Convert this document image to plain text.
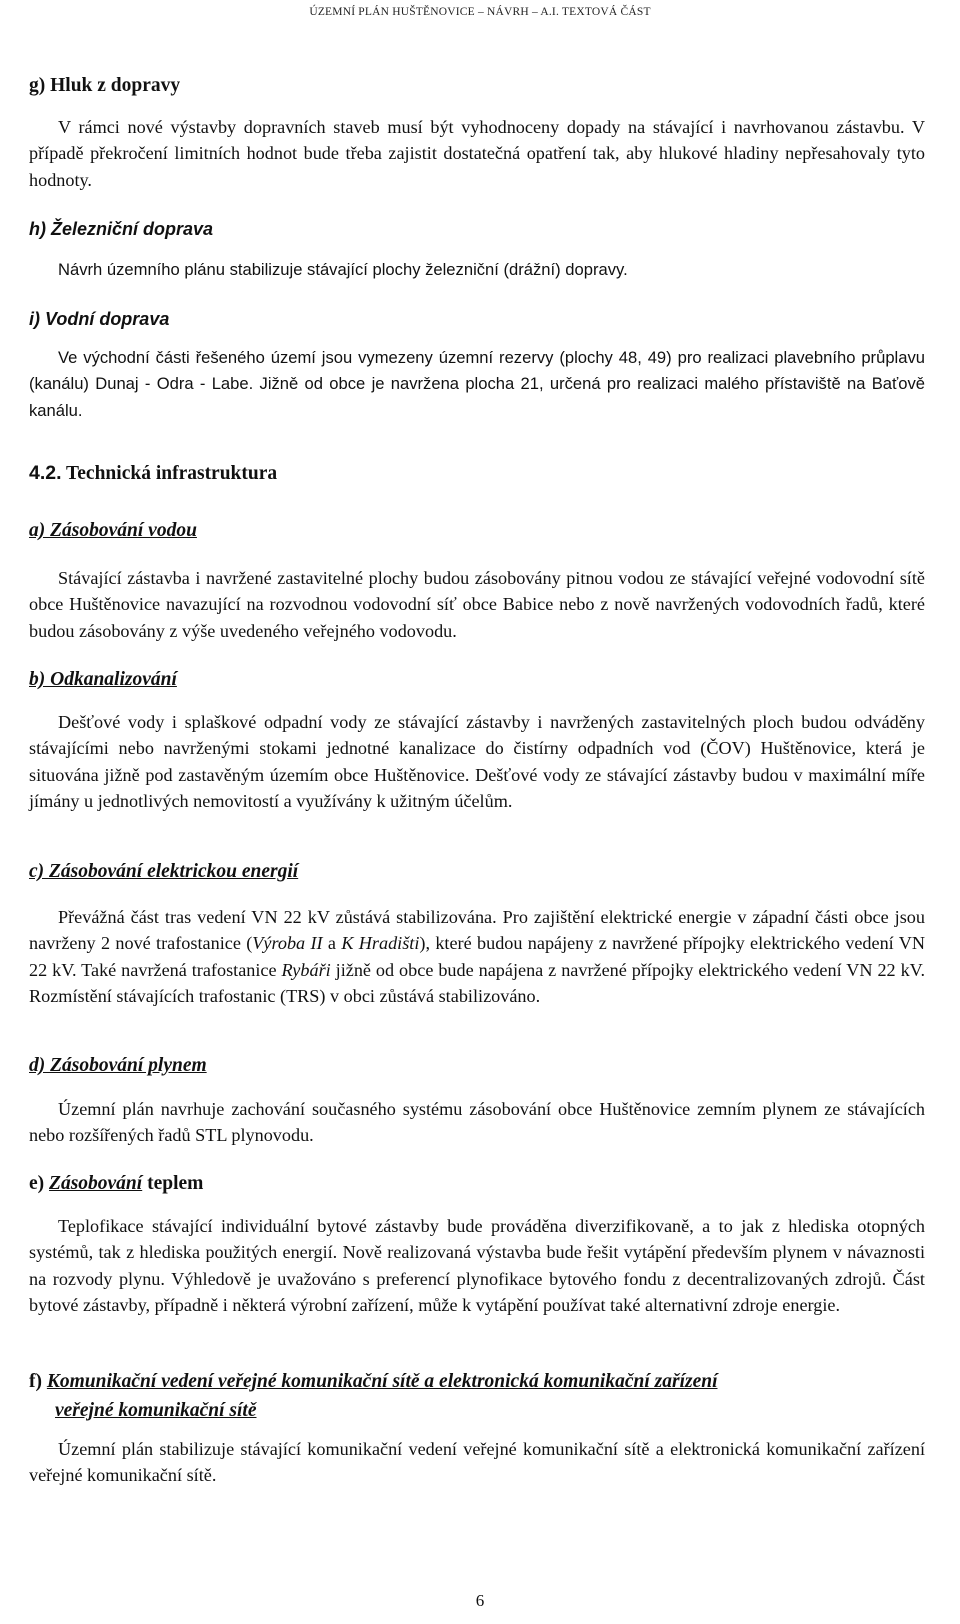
ÚZEMNÍ PLÁN HUŠTĚNOVICE – NÁVRH – A.I. TEXTOVÁ ČÁST
g) Hluk z dopravy

V rámci nové výstavby dopravních staveb musí být vyhodnoceny dopady na stávající i navrhovanou zástavbu. V případě překročení limitních hodnot bude třeba zajistit dostatečná opatření tak, aby hlukové hladiny nepřesahovaly tyto hodnoty.

h) Železniční doprava

Návrh územního plánu stabilizuje stávající plochy železniční (drážní) dopravy.

i) Vodní doprava

Ve východní části řešeného území jsou vymezeny územní rezervy (plochy 48, 49) pro realizaci plavebního průplavu (kanálu) Dunaj - Odra - Labe. Jižně od obce je navržena plocha 21, určená pro realizaci malého přístaviště na Baťově kanálu.

4.2. Technická infrastruktura
a) Zásobování vodou

Stávající zástavba i navržené zastavitelné plochy budou zásobovány pitnou vodou ze stávající veřejné vodovodní sítě obce Huštěnovice navazující na rozvodnou vodovodní síť obce Babice nebo z nově navržených vodovodních řadů, které budou zásobovány z výše uvedeného veřejného vodovodu.

b) Odkanalizování

Dešťové vody i splaškové odpadní vody ze stávající zástavby i navržených zastavitelných ploch budou odváděny stávajícími nebo navrženými stokami jednotné kanalizace do čistírny odpadních vod (ČOV) Huštěnovice, která je situována jižně pod zastavěným územím obce Huštěnovice. Dešťové vody ze stávající zástavby budou v maximální míře jímány u jednotlivých nemovitostí a využívány k užitným účelům.

c) Zásobování elektrickou energií

Převážná část tras vedení VN 22 kV zůstává stabilizována. Pro zajištění elektrické energie v západní části obce jsou navrženy 2 nové trafostanice (Výroba II a K Hradišti), které budou napájeny z navržené přípojky elektrického vedení VN 22 kV. Také navržená trafostanice Rybáři jižně od obce bude napájena z navržené přípojky elektrického vedení VN 22 kV. Rozmístění stávajících trafostanic (TRS) v obci zůstává stabilizováno.

d) Zásobování plynem

Územní plán navrhuje zachování současného systému zásobování obce Huštěnovice zemním plynem ze stávajících nebo rozšířených řadů STL plynovodu.

e) Zásobování teplem

Teplofikace stávající individuální bytové zástavby bude prováděna diverzifikovaně, a to jak z hlediska otopných systémů, tak z hlediska použitých energií. Nově realizovaná výstavba bude řešit vytápění především plynem v návaznosti na rozvody plynu. Výhledově je uvažováno s preferencí plynofikace bytového fondu z decentralizovaných zdrojů. Část bytové zástavby, případně i některá výrobní zařízení, může k vytápění používat také alternativní zdroje energie.

f) Komunikační vedení veřejné komunikační sítě a elektronická komunikační zařízení
veřejné komunikační sítě

Územní plán stabilizuje stávající komunikační vedení veřejné komunikační sítě a elektronická komunikační zařízení veřejné komunikační sítě.

6
